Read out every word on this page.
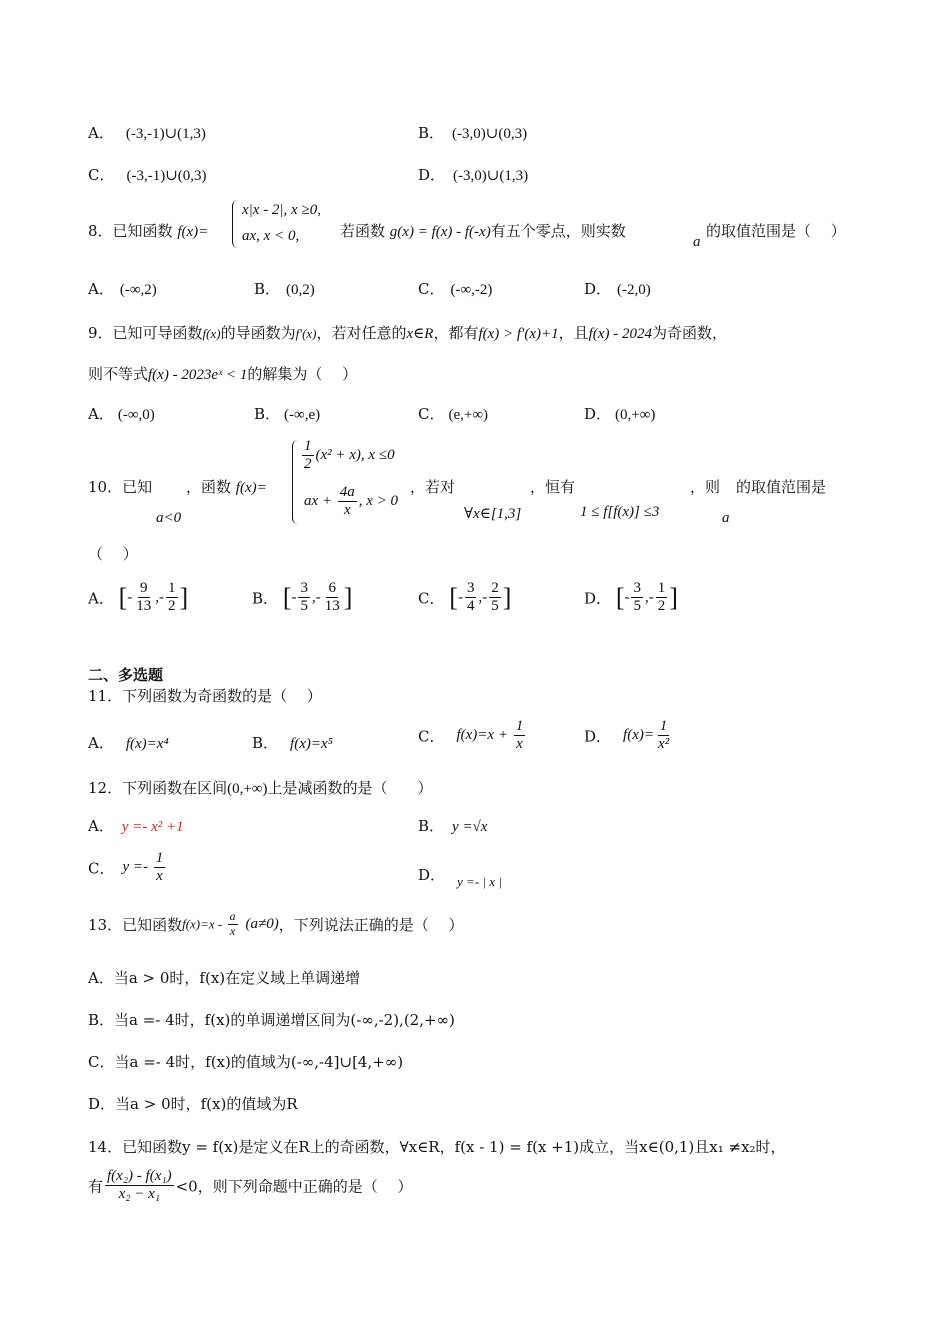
A． (-3,-1)∪(1,3)	B． (-3,0)∪(0,3)
C． (-3,-1)∪(0,3)	D． (-3,0)∪(1,3)
8．已知函数 f(x)=
x|x - 2|, x ≥0,
ax, x < 0,	若函数 g(x) = f(x) - f(-x)有五个零点，则实数
a
的取值范围是（　 ）
A． (-∞,2)	B． (0,2)	C． (-∞,-2)	D． (-2,0)
9．已知可导函数f(x)的导函数为f′(x)，若对任意的x∈R，都有f(x) > f′(x)+1，且f(x) - 2024为奇函数，
则不等式f(x) - 2023eˣ < 1的解集为（　 ）
A． (-∞,0)	B． (-∞,e)	C． (e,+∞)	D． (0,+∞)
10．已知
a<0
，函数 f(x)=
$\frac{1}{2} (x^2 + x)$, x ≤0
ax + $\frac{4a}{x}$ , x > 0
，若对
∀x∈[1,3]
，恒有
1 ≤ f[f(x)] ≤3
，则
a
的取值范围是
（　 ）
A． [- $\frac{9}{13}$ ,- $\frac{1}{2}$ ]	B． [- $\frac{3}{5}$ ,- $\frac{6}{13}$ ]	C． [- $\frac{3}{4}$ ,- $\frac{2}{5}$ ]	D． [- $\frac{3}{5}$ ,- $\frac{1}{2}$ ]
二、多选题
11．下列函数为奇函数的是（　 ）
A． f(x)=x⁴	B． f(x)=x⁵	C． $f(x)=x + \frac{1}{x}$	D． $f(x)= \frac{1}{\text{x²}}$
12．下列函数在区间(0,+∞)上是减函数的是（　　）
A． y =- x² +1	B． y =√x
C． $y =- \frac{1}{x}$	D． y =- | x |
13．已知函数$f(x)=x - \frac{a}{x} (a\ne 0)$，下列说法正确的是（　 ）
A．当a > 0时，f(x)在定义域上单调递增
B．当a =- 4时，f(x)的单调递增区间为(-∞,-2),(2,+∞)
C．当a =- 4时，f(x)的值域为(-∞,-4]∪[4,+∞)
D．当a > 0时，f(x)的值域为R
14．已知函数y = f(x)是定义在R上的奇函数，∀x∈R，f(x - 1) = f(x +1)成立，当x∈(0,1)且x₁ ≠x₂时，
有 $\frac{\text{f(x₂) - f(x₁)}}{\text{x₂ − x₁}} <0$，则下列命题中正确的是（　 ）
